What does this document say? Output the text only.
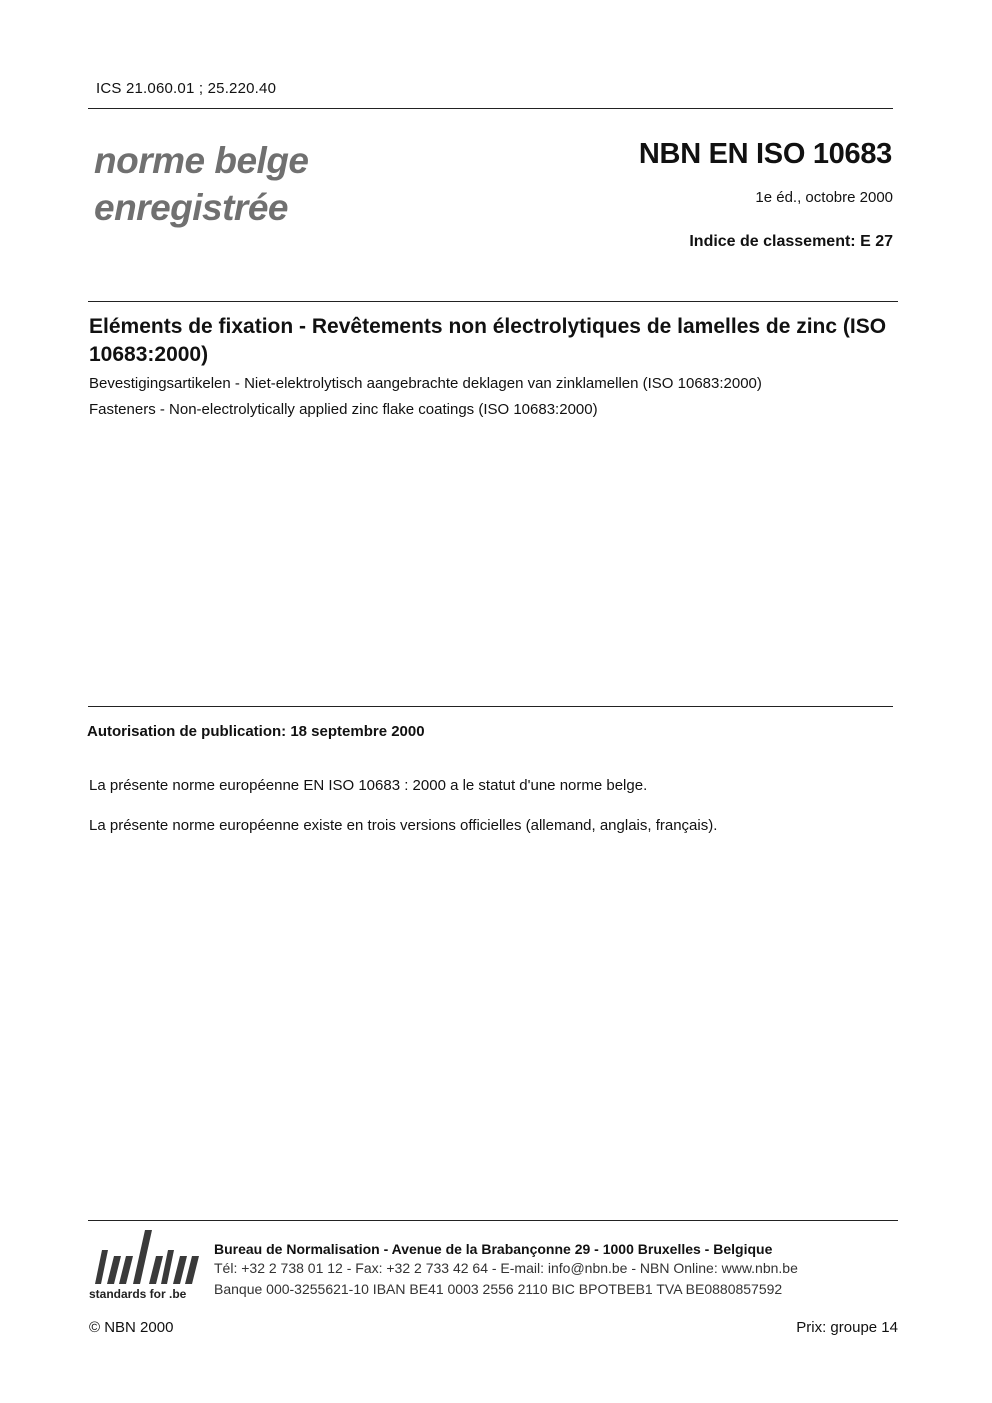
ICS 21.060.01 ; 25.220.40
norme belge
enregistrée
NBN EN ISO 10683
1e éd., octobre 2000
Indice de classement: E 27
Eléments de fixation - Revêtements non électrolytiques de lamelles de zinc (ISO 10683:2000)
Bevestigingsartikelen - Niet-elektrolytisch aangebrachte deklagen van zinklamellen (ISO 10683:2000)
Fasteners - Non-electrolytically applied zinc flake coatings (ISO 10683:2000)
Autorisation de publication: 18 septembre 2000
La présente norme européenne EN ISO 10683 : 2000 a le statut d'une norme belge.
La présente norme européenne existe en trois versions officielles (allemand, anglais, français).
standards for .be
Bureau de Normalisation - Avenue de la Brabançonne 29 - 1000 Bruxelles - Belgique
Tél: +32 2 738 01 12 - Fax: +32 2 733 42 64 - E-mail: info@nbn.be - NBN Online: www.nbn.be
Banque 000-3255621-10 IBAN BE41 0003 2556 2110 BIC BPOTBEB1 TVA BE0880857592
© NBN 2000	Prix: groupe 14
